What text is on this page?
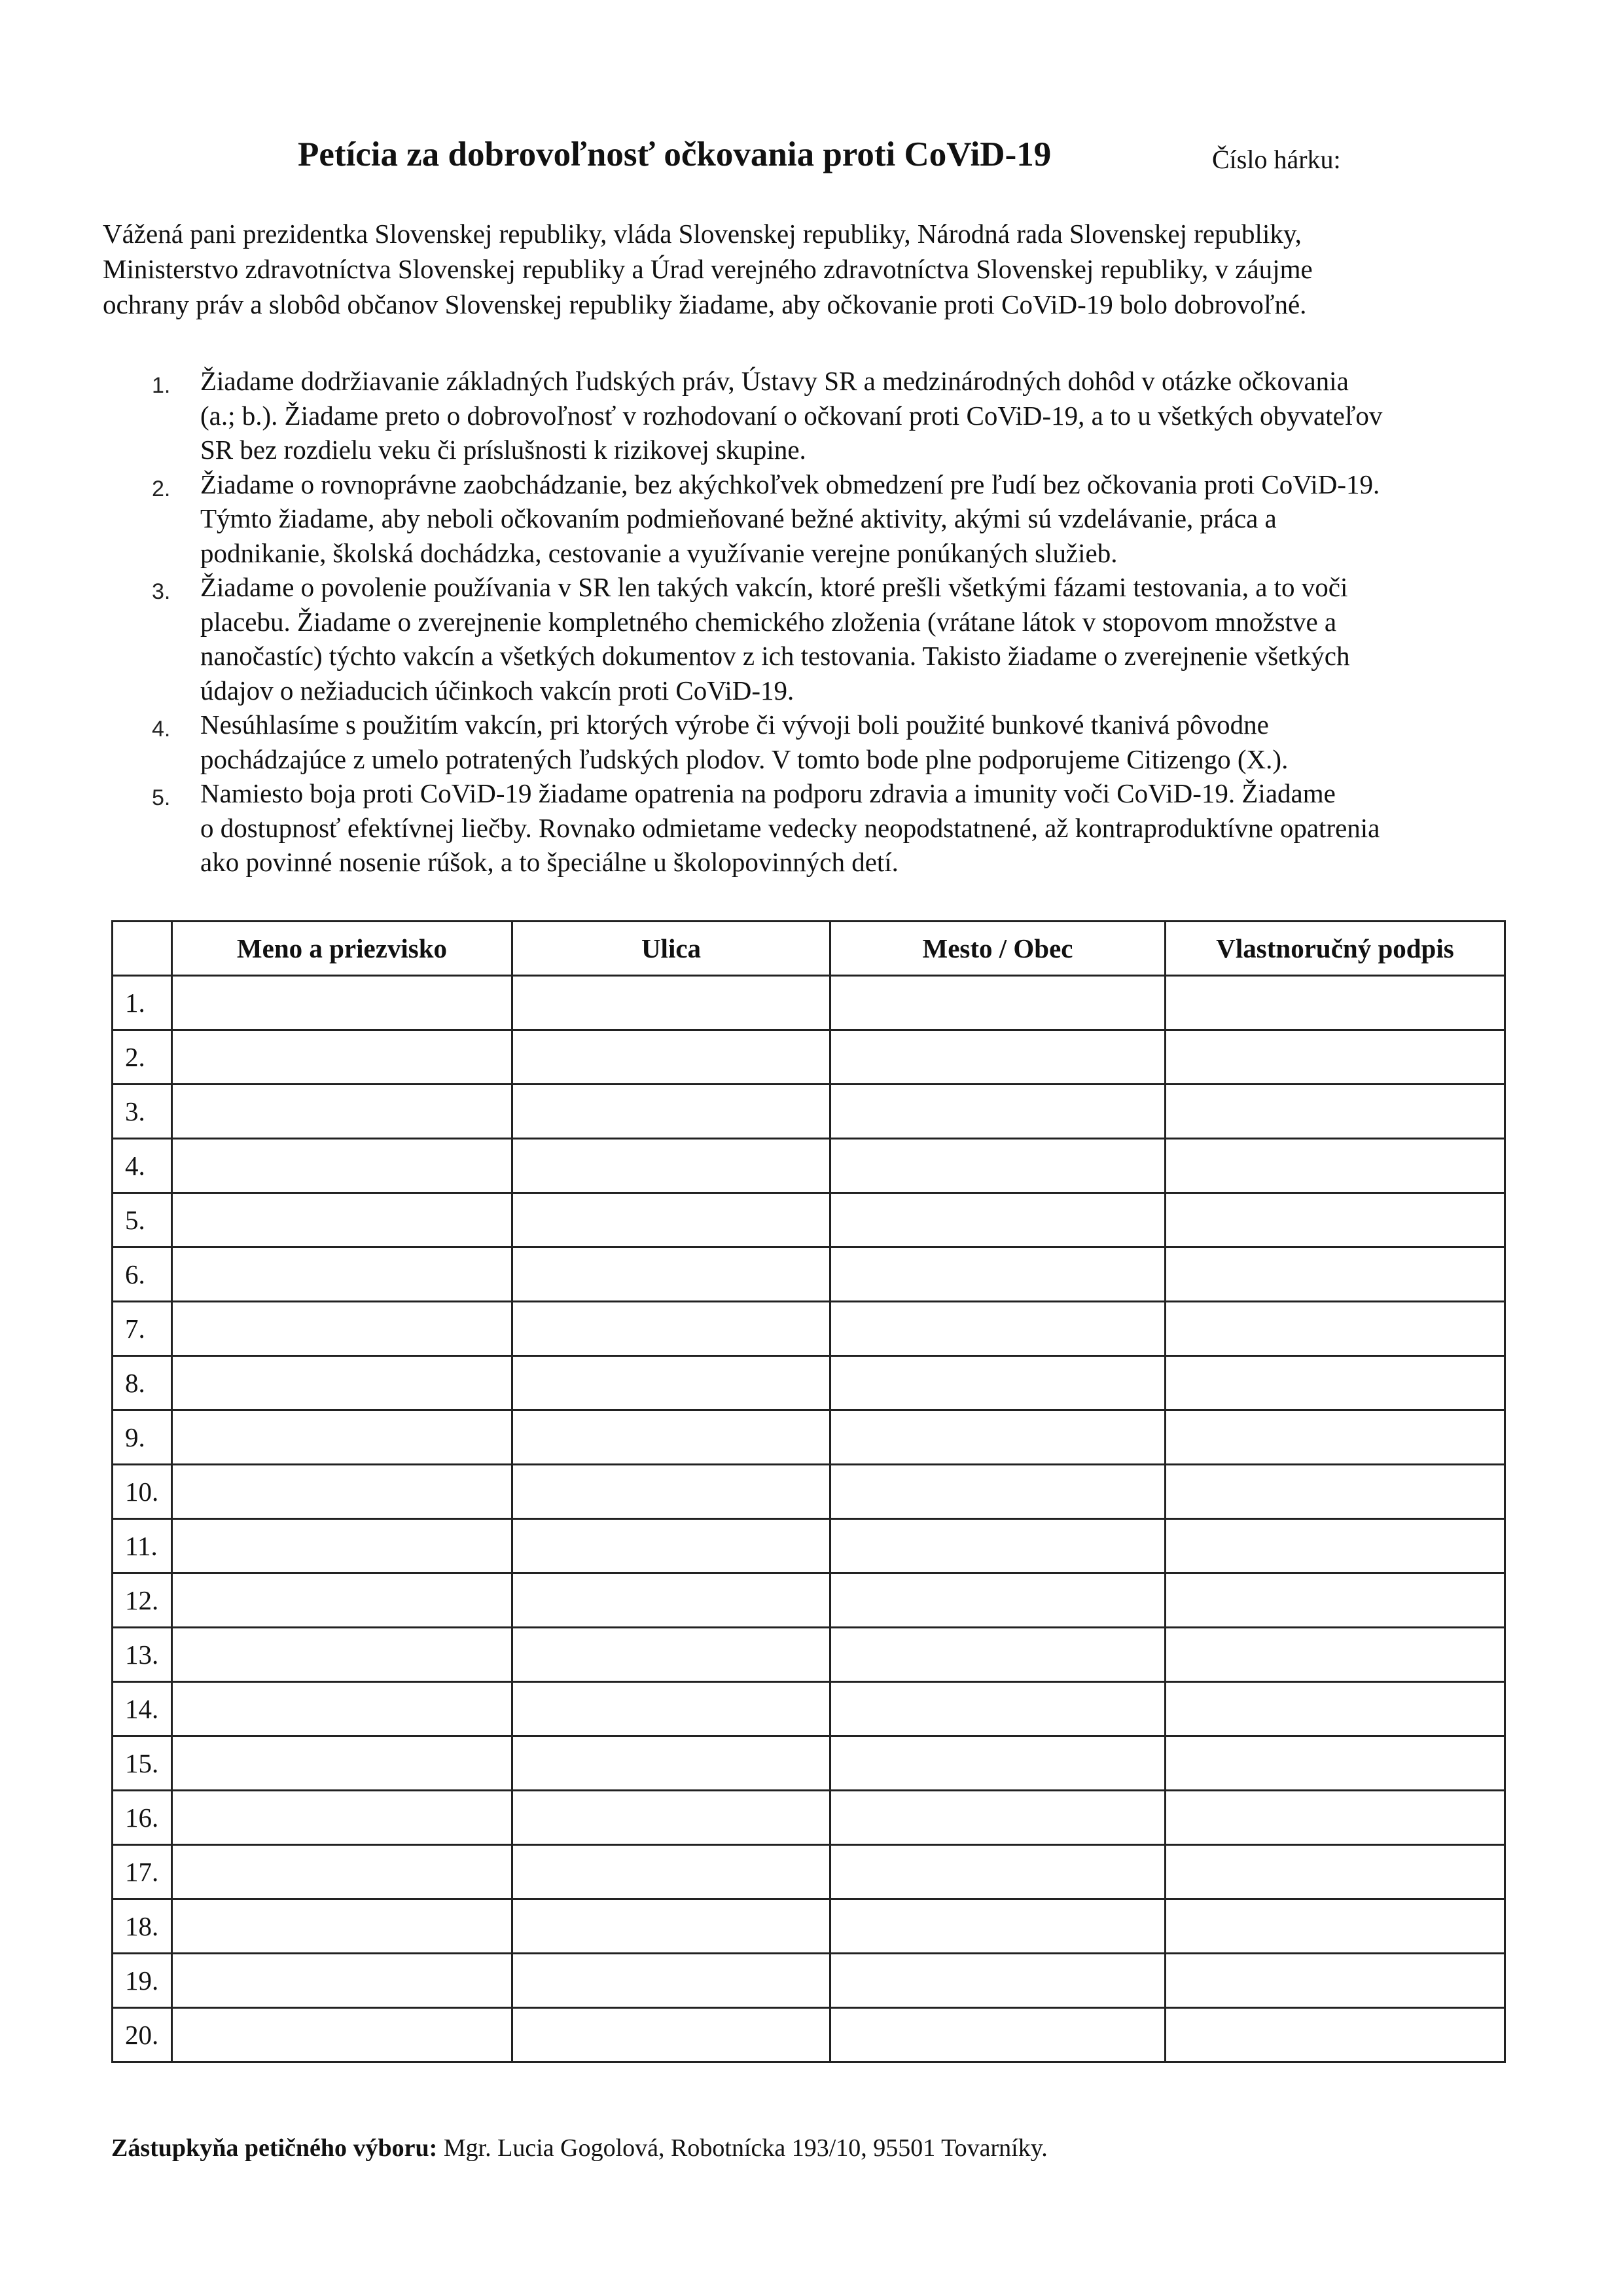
Petícia za dobrovoľnosť očkovania proti CoViD-19	Číslo hárku:

Vážená pani prezidentka Slovenskej republiky, vláda Slovenskej republiky, Národná rada Slovenskej republiky,
Ministerstvo zdravotníctva Slovenskej republiky a Úrad verejného zdravotníctva Slovenskej republiky, v záujme
ochrany práv a slobôd občanov Slovenskej republiky žiadame, aby očkovanie proti CoViD-19 bolo dobrovoľné.

1. Žiadame dodržiavanie základných ľudských práv, Ústavy SR a medzinárodných dohôd v otázke očkovania
(a.; b.). Žiadame preto o dobrovoľnosť v rozhodovaní o očkovaní proti CoViD-19, a to u všetkých obyvateľov
SR bez rozdielu veku či príslušnosti k rizikovej skupine.
2. Žiadame o rovnoprávne zaobchádzanie, bez akýchkoľvek obmedzení pre ľudí bez očkovania proti CoViD-19.
Týmto žiadame, aby neboli očkovaním podmieňované bežné aktivity, akými sú vzdelávanie, práca a
podnikanie, školská dochádzka, cestovanie a využívanie verejne ponúkaných služieb.
3. Žiadame o povolenie používania v SR len takých vakcín, ktoré prešli všetkými fázami testovania, a to voči
placebu. Žiadame o zverejnenie kompletného chemického zloženia (vrátane látok v stopovom množstve a
nanočastíc) týchto vakcín a všetkých dokumentov z ich testovania. Takisto žiadame o zverejnenie všetkých
údajov o nežiaducich účinkoch vakcín proti CoViD-19.
4. Nesúhlasíme s použitím vakcín, pri ktorých výrobe či vývoji boli použité bunkové tkanivá pôvodne
pochádzajúce z umelo potratených ľudských plodov. V tomto bode plne podporujeme Citizengo (X.).
5. Namiesto boja proti CoViD-19 žiadame opatrenia na podporu zdravia a imunity voči CoViD-19. Žiadame
o dostupnosť efektívnej liečby. Rovnako odmietame vedecky neopodstatnené, až kontraproduktívne opatrenia
ako povinné nosenie rúšok, a to špeciálne u školopovinných detí.
	Meno a priezvisko	Ulica	Mesto / Obec	Vlastnoručný podpis
1.				
2.				
3.				
4.				
5.				
6.				
7.				
8.				
9.				
10.				
11.				
12.				
13.				
14.				
15.				
16.				
17.				
18.				
19.				
20.				
Zástupkyňa petičného výboru: Mgr. Lucia Gogolová, Robotnícka 193/10, 95501 Tovarníky.
